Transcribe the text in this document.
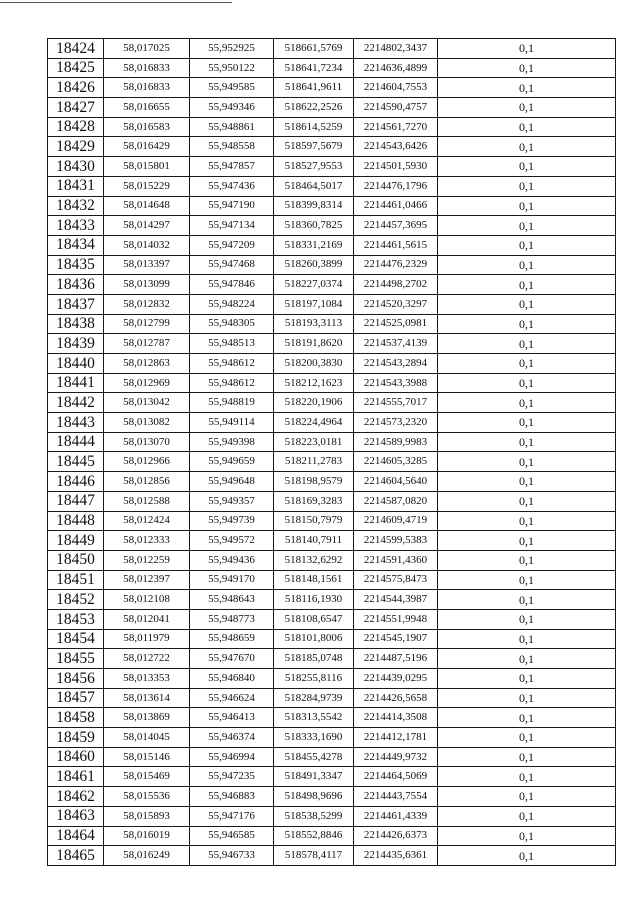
18424	58,017025	55,952925	518661,5769	2214802,3437	0,1
18425	58,016833	55,950122	518641,7234	2214636,4899	0,1
18426	58,016833	55,949585	518641,9611	2214604,7553	0,1
18427	58,016655	55,949346	518622,2526	2214590,4757	0,1
18428	58,016583	55,948861	518614,5259	2214561,7270	0,1
18429	58,016429	55,948558	518597,5679	2214543,6426	0,1
18430	58,015801	55,947857	518527,9553	2214501,5930	0,1
18431	58,015229	55,947436	518464,5017	2214476,1796	0,1
18432	58,014648	55,947190	518399,8314	2214461,0466	0,1
18433	58,014297	55,947134	518360,7825	2214457,3695	0,1
18434	58,014032	55,947209	518331,2169	2214461,5615	0,1
18435	58,013397	55,947468	518260,3899	2214476,2329	0,1
18436	58,013099	55,947846	518227,0374	2214498,2702	0,1
18437	58,012832	55,948224	518197,1084	2214520,3297	0,1
18438	58,012799	55,948305	518193,3113	2214525,0981	0,1
18439	58,012787	55,948513	518191,8620	2214537,4139	0,1
18440	58,012863	55,948612	518200,3830	2214543,2894	0,1
18441	58,012969	55,948612	518212,1623	2214543,3988	0,1
18442	58,013042	55,948819	518220,1906	2214555,7017	0,1
18443	58,013082	55,949114	518224,4964	2214573,2320	0,1
18444	58,013070	55,949398	518223,0181	2214589,9983	0,1
18445	58,012966	55,949659	518211,2783	2214605,3285	0,1
18446	58,012856	55,949648	518198,9579	2214604,5640	0,1
18447	58,012588	55,949357	518169,3283	2214587,0820	0,1
18448	58,012424	55,949739	518150,7979	2214609,4719	0,1
18449	58,012333	55,949572	518140,7911	2214599,5383	0,1
18450	58,012259	55,949436	518132,6292	2214591,4360	0,1
18451	58,012397	55,949170	518148,1561	2214575,8473	0,1
18452	58,012108	55,948643	518116,1930	2214544,3987	0,1
18453	58,012041	55,948773	518108,6547	2214551,9948	0,1
18454	58,011979	55,948659	518101,8006	2214545,1907	0,1
18455	58,012722	55,947670	518185,0748	2214487,5196	0,1
18456	58,013353	55,946840	518255,8116	2214439,0295	0,1
18457	58,013614	55,946624	518284,9739	2214426,5658	0,1
18458	58,013869	55,946413	518313,5542	2214414,3508	0,1
18459	58,014045	55,946374	518333,1690	2214412,1781	0,1
18460	58,015146	55,946994	518455,4278	2214449,9732	0,1
18461	58,015469	55,947235	518491,3347	2214464,5069	0,1
18462	58,015536	55,946883	518498,9696	2214443,7554	0,1
18463	58,015893	55,947176	518538,5299	2214461,4339	0,1
18464	58,016019	55,946585	518552,8846	2214426,6373	0,1
18465	58,016249	55,946733	518578,4117	2214435,6361	0,1
